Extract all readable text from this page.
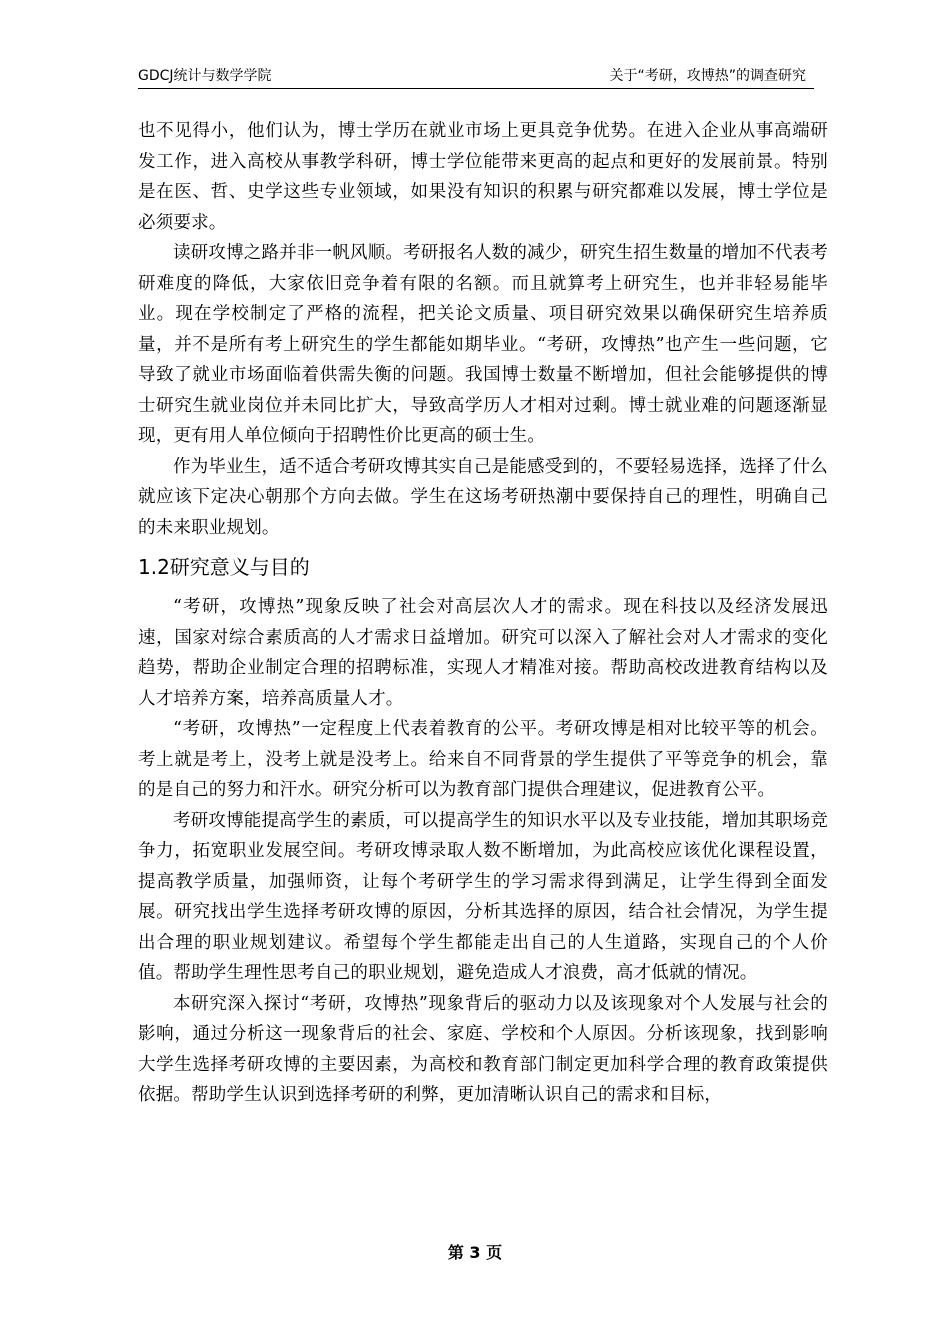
GDCJ统计与数学学院	关于“考研，攻博热”的调查研究

也不见得小，他们认为，博士学历在就业市场上更具竞争优势。在进入企业从事高端研发工作，进入高校从事教学科研，博士学位能带来更高的起点和更好的发展前景。特别是在医、哲、史学这些专业领域，如果没有知识的积累与研究都难以发展，博士学位是必须要求。

读研攻博之路并非一帆风顺。考研报名人数的减少，研究生招生数量的增加不代表考研难度的降低，大家依旧竞争着有限的名额。而且就算考上研究生，也并非轻易能毕业。现在学校制定了严格的流程，把关论文质量、项目研究效果以确保研究生培养质量，并不是所有考上研究生的学生都能如期毕业。“考研，攻博热”也产生一些问题，它导致了就业市场面临着供需失衡的问题。我国博士数量不断增加，但社会能够提供的博士研究生就业岗位并未同比扩大，导致高学历人才相对过剩。博士就业难的问题逐渐显现，更有用人单位倾向于招聘性价比更高的硕士生。

作为毕业生，适不适合考研攻博其实自己是能感受到的，不要轻易选择，选择了什么就应该下定决心朝那个方向去做。学生在这场考研热潮中要保持自己的理性，明确自己的未来职业规划。

1.2研究意义与目的

“考研，攻博热”现象反映了社会对高层次人才的需求。现在科技以及经济发展迅速，国家对综合素质高的人才需求日益增加。研究可以深入了解社会对人才需求的变化趋势，帮助企业制定合理的招聘标准，实现人才精准对接。帮助高校改进教育结构以及人才培养方案，培养高质量人才。

“考研，攻博热”一定程度上代表着教育的公平。考研攻博是相对比较平等的机会。考上就是考上，没考上就是没考上。给来自不同背景的学生提供了平等竞争的机会，靠的是自己的努力和汗水。研究分析可以为教育部门提供合理建议，促进教育公平。

考研攻博能提高学生的素质，可以提高学生的知识水平以及专业技能，增加其职场竞争力，拓宽职业发展空间。考研攻博录取人数不断增加，为此高校应该优化课程设置，提高教学质量，加强师资，让每个考研学生的学习需求得到满足，让学生得到全面发展。研究找出学生选择考研攻博的原因，分析其选择的原因，结合社会情况，为学生提出合理的职业规划建议。希望每个学生都能走出自己的人生道路，实现自己的个人价值。帮助学生理性思考自己的职业规划，避免造成人才浪费，高才低就的情况。

本研究深入探讨“考研，攻博热”现象背后的驱动力以及该现象对个人发展与社会的影响，通过分析这一现象背后的社会、家庭、学校和个人原因。分析该现象，找到影响大学生选择考研攻博的主要因素，为高校和教育部门制定更加科学合理的教育政策提供依据。帮助学生认识到选择考研的利弊，更加清晰认识自己的需求和目标，

第 3 页
